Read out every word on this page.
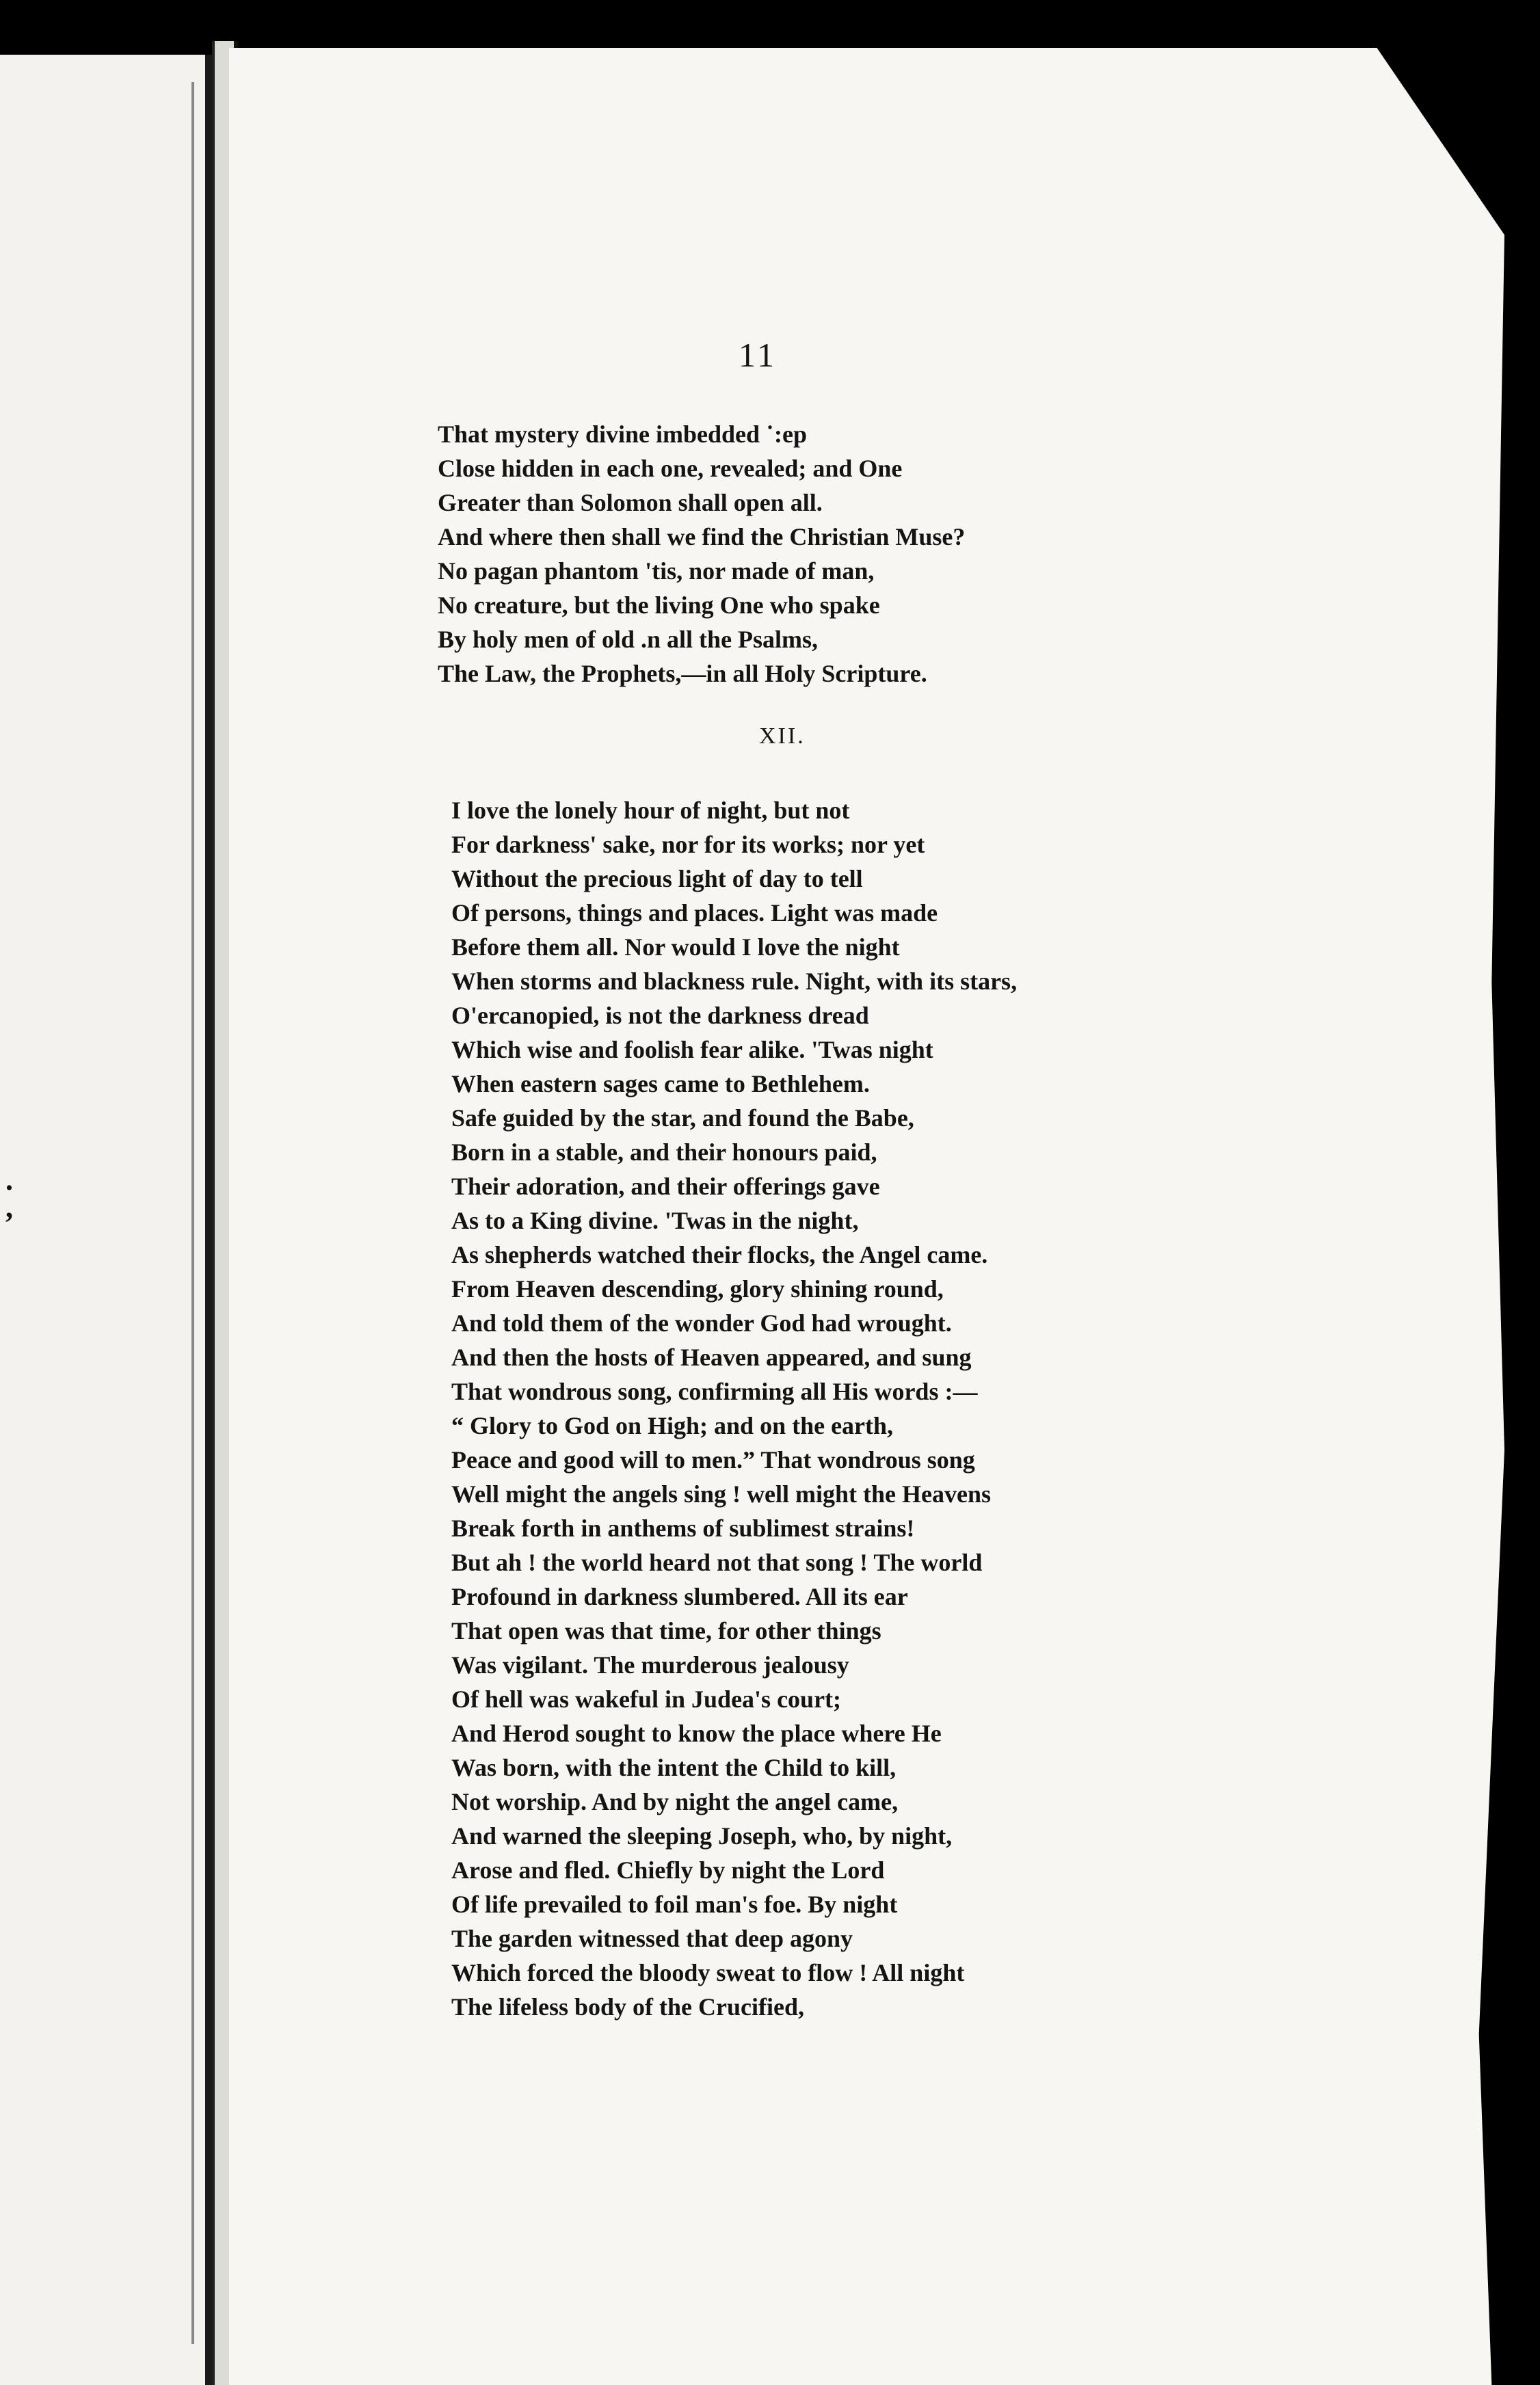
.
,
11
That mystery divine imbedded ˙:ep
Close hidden in each one, revealed; and One
Greater than Solomon shall open all.
And where then shall we find the Christian Muse?
No pagan phantom 'tis, nor made of man,
No creature, but the living One who spake
By holy men of old .n all the Psalms,
The Law, the Prophets,—in all Holy Scripture.
XII.
I love the lonely hour of night, but not
For darkness' sake, nor for its works; nor yet
Without the precious light of day to tell
Of persons, things and places. Light was made
Before them all. Nor would I love the night
When storms and blackness rule. Night, with its stars,
O'ercanopied, is not the darkness dread
Which wise and foolish fear alike. 'Twas night
When eastern sages came to Bethlehem.
Safe guided by the star, and found the Babe,
Born in a stable, and their honours paid,
Their adoration, and their offerings gave
As to a King divine. 'Twas in the night,
As shepherds watched their flocks, the Angel came.
From Heaven descending, glory shining round,
And told them of the wonder God had wrought.
And then the hosts of Heaven appeared, and sung
That wondrous song, confirming all His words :—
“ Glory to God on High; and on the earth,
Peace and good will to men.” That wondrous song
Well might the angels sing ! well might the Heavens
Break forth in anthems of sublimest strains!
But ah ! the world heard not that song ! The world
Profound in darkness slumbered. All its ear
That open was that time, for other things
Was vigilant. The murderous jealousy
Of hell was wakeful in Judea's court;
And Herod sought to know the place where He
Was born, with the intent the Child to kill,
Not worship. And by night the angel came,
And warned the sleeping Joseph, who, by night,
Arose and fled. Chiefly by night the Lord
Of life prevailed to foil man's foe. By night
The garden witnessed that deep agony
Which forced the bloody sweat to flow ! All night
The lifeless body of the Crucified,
